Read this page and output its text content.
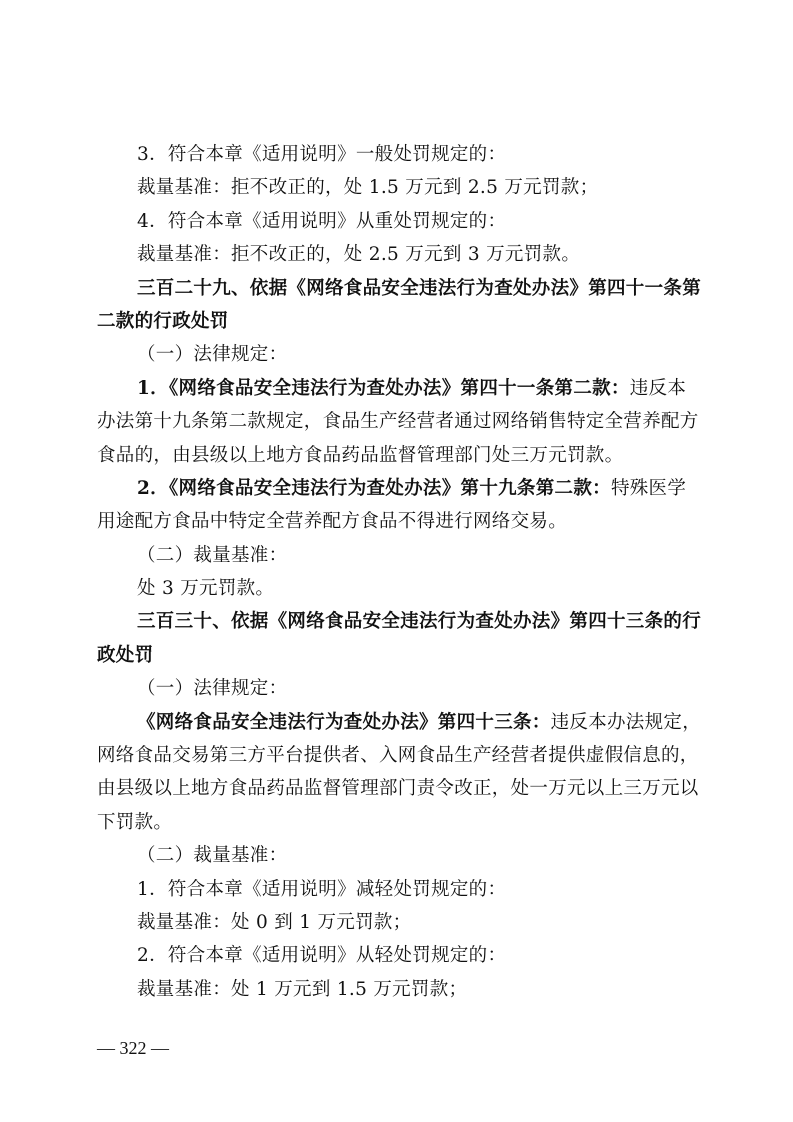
3．符合本章《适用说明》一般处罚规定的：
裁量基准：拒不改正的，处 1.5 万元到 2.5 万元罚款；
4．符合本章《适用说明》从重处罚规定的：
裁量基准：拒不改正的，处 2.5 万元到 3 万元罚款。
三百二十九、依据《网络食品安全违法行为查处办法》第四十一条第
二款的行政处罚
（一）法律规定：
1．《网络食品安全违法行为查处办法》第四十一条第二款：违反本
办法第十九条第二款规定，食品生产经营者通过网络销售特定全营养配方
食品的，由县级以上地方食品药品监督管理部门处三万元罚款。
2．《网络食品安全违法行为查处办法》第十九条第二款：特殊医学
用途配方食品中特定全营养配方食品不得进行网络交易。
（二）裁量基准：
处 3 万元罚款。
三百三十、依据《网络食品安全违法行为查处办法》第四十三条的行
政处罚
（一）法律规定：
《网络食品安全违法行为查处办法》第四十三条：违反本办法规定，
网络食品交易第三方平台提供者、入网食品生产经营者提供虚假信息的，
由县级以上地方食品药品监督管理部门责令改正，处一万元以上三万元以
下罚款。
（二）裁量基准：
1．符合本章《适用说明》减轻处罚规定的：
裁量基准：处 0 到 1 万元罚款；
2．符合本章《适用说明》从轻处罚规定的：
裁量基准：处 1 万元到 1.5 万元罚款；
— 322 —
